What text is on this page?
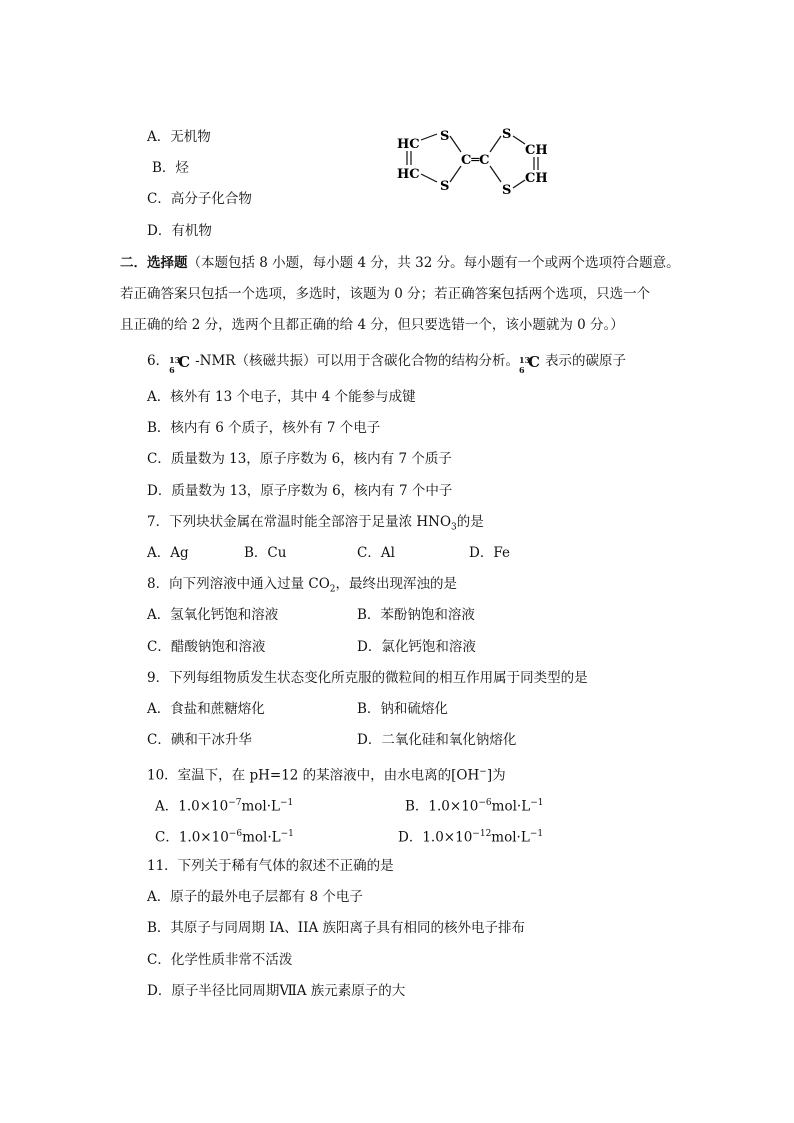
A．无机物
B．烃
C．高分子化合物
D．有机物
HC
HC
S
S
C═C
S
S
CH
CH
二．选择题（本题包括 8 小题，每小题 4 分，共 32 分。每小题有一个或两个选项符合题意。
若正确答案只包括一个选项，多选时，该题为 0 分；若正确答案包括两个选项，只选一个
且正确的给 2 分，选两个且都正确的给 4 分，但只要选错一个，该小题就为 0 分。）
6． 13
6 C -NMR（核磁共振）可以用于含碳化合物的结构分析。 13
6 C 表示的碳原子
A．核外有 13 个电子，其中 4 个能参与成键
B．核内有 6 个质子，核外有 7 个电子
C．质量数为 13，原子序数为 6，核内有 7 个质子
D．质量数为 13，原子序数为 6，核内有 7 个中子
7．下列块状金属在常温时能全部溶于足量浓 $HNO_3$的是
A．Ag	B．Cu	C．Al	D．Fe
8．向下列溶液中通入过量 $CO_2$，最终出现浑浊的是
A．氢氧化钙饱和溶液	B．苯酚钠饱和溶液
C．醋酸钠饱和溶液	D．氯化钙饱和溶液
9．下列每组物质发生状态变化所克服的微粒间的相互作用属于同类型的是
A．食盐和蔗糖熔化	B．钠和硫熔化
C．碘和干冰升华	D．二氧化硅和氧化钠熔化
10．室温下，在 pH=12 的某溶液中，由水电离的[OH−]为
A．$1.0\times 10^{-7}mol\cdot L^{-1}$	B．$1.0\times 10^{-6}mol\cdot L^{-1}$
C．$1.0\times 10^{-6}mol\cdot L^{-1}$	D．$1.0\times 10^{-12}mol\cdot L^{-1}$
11．下列关于稀有气体的叙述不正确的是
A．原子的最外电子层都有 8 个电子
B．其原子与同周期 IA、IIA 族阳离子具有相同的核外电子排布
C．化学性质非常不活泼
D．原子半径比同周期ⅦA 族元素原子的大
